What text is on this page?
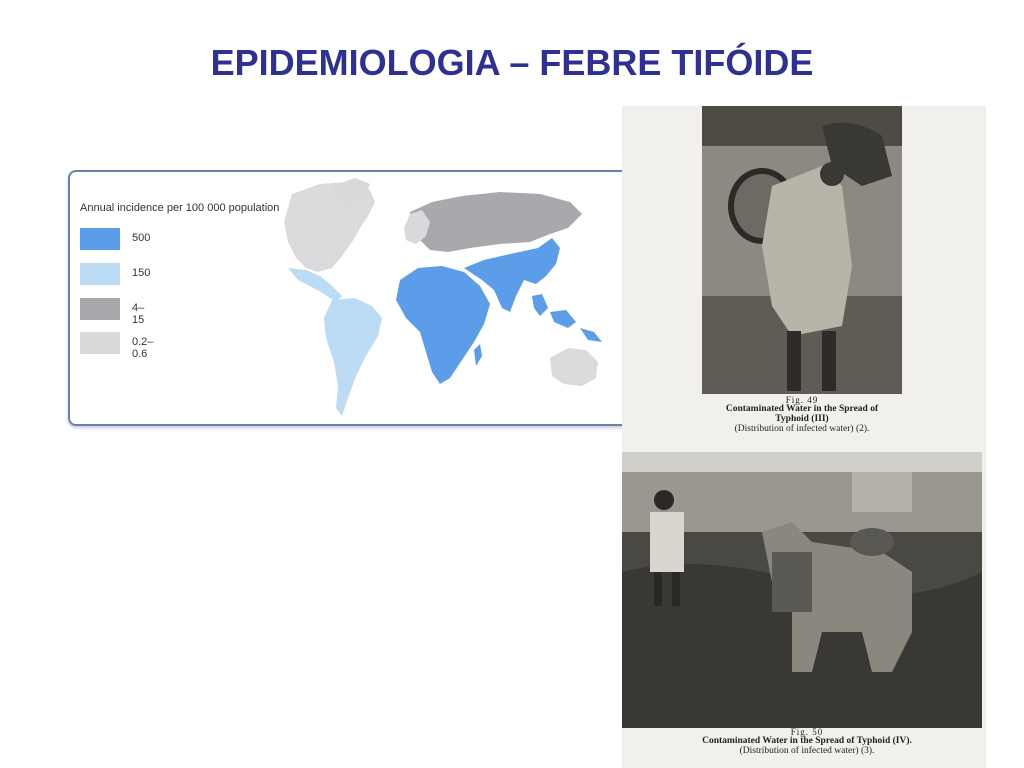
EPIDEMIOLOGIA – FEBRE TIFÓIDE
Annual incidence per 100 000 population
500
150
4–15
0.2–0.6
Fig. 49
Contaminated Water in the Spread of
Typhoid (III)
(Distribution of infected water) (2).
Fig. 50
Contaminated Water in the Spread of Typhoid (IV).
(Distribution of infected water) (3).
